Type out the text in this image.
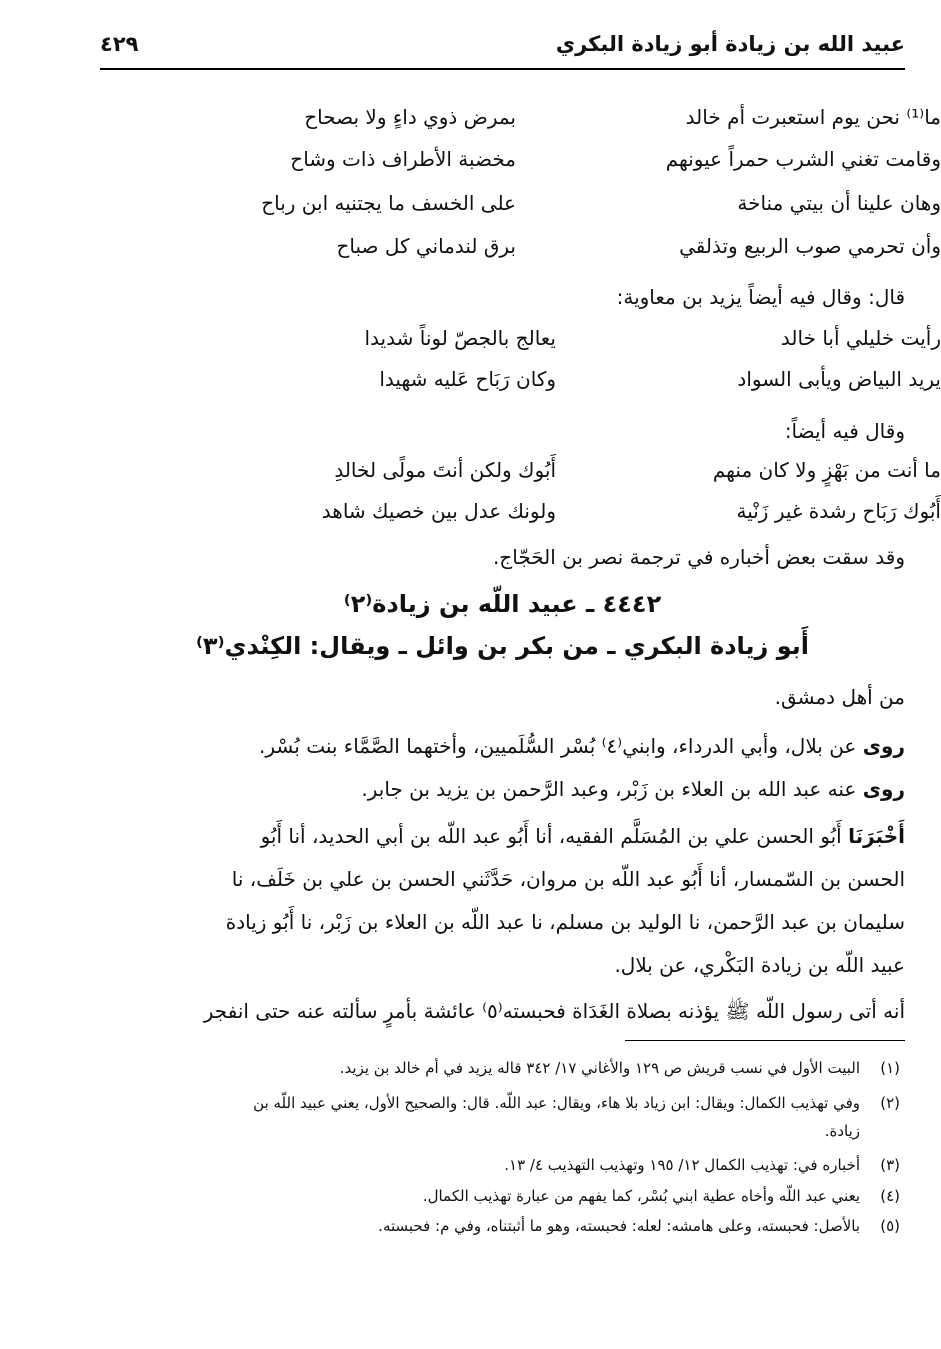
عبيد الله بن زيادة أبو زيادة البكري
٤٢٩
ما⁽¹⁾ نحن يوم استعبرت أم خالد
بمرض ذوي داءٍ ولا بصحاح
وقامت تغني الشرب حمراً عيونهم
مخضبة الأطراف ذات وشاح
وهان علينا أن بيتي مناخة
على الخسف ما يجتنيه ابن رباح
وأن تحرمي صوب الربيع وتذلقي
برق لندماني كل صباح
قال: وقال فيه أيضاً يزيد بن معاوية:
رأيت خليلي أبا خالد
يعالج بالجصّ لوناً شديدا
يريد البياض ويأبى السواد
وكان رَبَاح عَليه شهيدا
وقال فيه أيضاً:
ما أنت من بَهْزٍ ولا كان منهم
أَبُوك ولكن أنتَ مولًى لخالدِ
أَبُوك رَبَاح رشدة غير زَنْية
ولونك عدل بين خصيك شاهد
وقد سقت بعض أخباره في ترجمة نصر بن الحَجّاج.
٤٤٤٢ ـ عبيد اللّه بن زيادة⁽٢⁾
أَبو زيادة البكري ـ من بكر بن وائل ـ ويقال: الكِنْدي⁽٣⁾
من أهل دمشق.
روى عن بلال، وأبي الدرداء، وابني⁽٤⁾ بُسْر السُّلَميين، وأختهما الصَّمَّاء بنت بُسْر.
روى عنه عبد الله بن العلاء بن زَبْر، وعبد الرَّحمن بن يزيد بن جابر.
أَخْبَرَنَا أَبُو الحسن علي بن المُسَلَّم الفقيه، أنا أَبُو عبد اللّه بن أبي الحديد، أنا أَبُو
الحسن بن السّمسار، أنا أَبُو عبد اللّه بن مروان، حَدَّثَني الحسن بن علي بن خَلَف، نا
سليمان بن عبد الرَّحمن، نا الوليد بن مسلم، نا عبد اللّه بن العلاء بن زَبْر، نا أَبُو زيادة
عبيد اللّه بن زيادة البَكْري، عن بلال.
أنه أتى رسول اللّه ﷺ يؤذنه بصلاة الغَدَاة فحبسته⁽٥⁾ عائشة بأمرٍ سألته عنه حتى انفجر
(١)البيت الأول في نسب قريش ص ١٢٩ والأغاني ١٧/ ٣٤٢ قاله يزيد في أم خالد بن يزيد.
(٢)وفي تهذيب الكمال: ويقال: ابن زياد بلا هاء، ويقال: عبد اللّه. قال: والصحيح الأول، يعني عبيد اللّه بن
زيادة.
(٣)أخباره في: تهذيب الكمال ١٢/ ١٩٥ وتهذيب التهذيب ٤/ ١٣.
(٤)يعني عبد اللّه وأخاه عطية ابني بُسْر، كما يفهم من عبارة تهذيب الكمال.
(٥)بالأصل: فحبسته، وعلى هامشه: لعله: فحبسته، وهو ما أثبتناه، وفي م: فحبسته.
